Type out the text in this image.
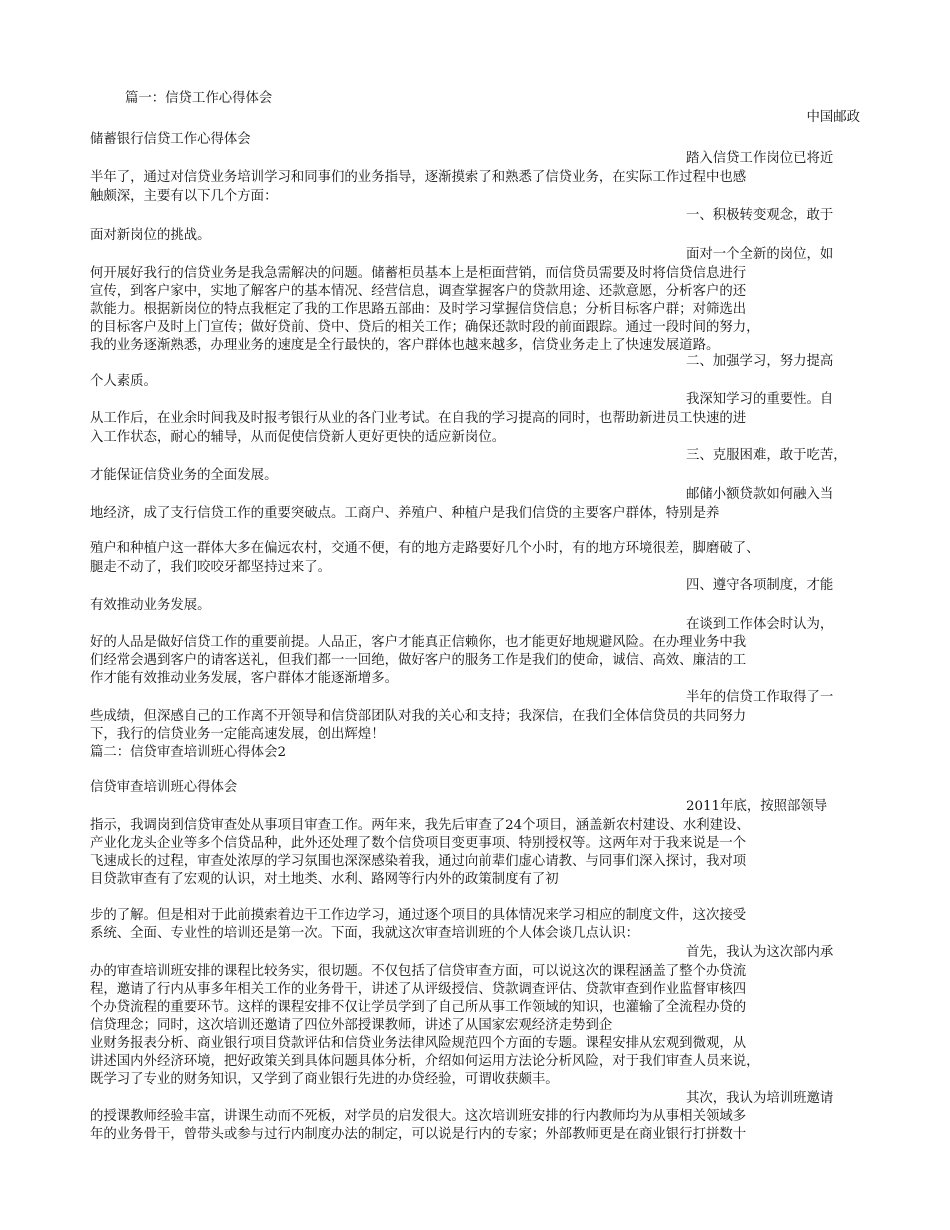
篇一：信贷工作心得体会
中国邮政
储蓄银行信贷工作心得体会
踏入信贷工作岗位已将近
半年了，通过对信贷业务培训学习和同事们的业务指导，逐渐摸索了和熟悉了信贷业务，在实际工作过程中也感
触颇深，主要有以下几个方面：
一、积极转变观念，敢于
面对新岗位的挑战。
面对一个全新的岗位，如
何开展好我行的信贷业务是我急需解决的问题。储蓄柜员基本上是柜面营销，而信贷员需要及时将信贷信息进行
宣传，到客户家中，实地了解客户的基本情况、经营信息，调查掌握客户的贷款用途、还款意愿，分析客户的还
款能力。根据新岗位的特点我框定了我的工作思路五部曲：及时学习掌握信贷信息；分析目标客户群；对筛选出
的目标客户及时上门宣传；做好贷前、贷中、贷后的相关工作；确保还款时段的前面跟踪。通过一段时间的努力，
我的业务逐渐熟悉，办理业务的速度是全行最快的，客户群体也越来越多，信贷业务走上了快速发展道路。
二、加强学习，努力提高
个人素质。
我深知学习的重要性。自
从工作后，在业余时间我及时报考银行从业的各门业考试。在自我的学习提高的同时，也帮助新进员工快速的进
入工作状态，耐心的辅导，从而促使信贷新人更好更快的适应新岗位。
三、克服困难，敢于吃苦，
才能保证信贷业务的全面发展。
邮储小额贷款如何融入当
地经济，成了支行信贷工作的重要突破点。工商户、养殖户、种植户是我们信贷的主要客户群体，特别是养
殖户和种植户这一群体大多在偏远农村，交通不便，有的地方走路要好几个小时，有的地方环境很差，脚磨破了、
腿走不动了，我们咬咬牙都坚持过来了。
四、遵守各项制度，才能
有效推动业务发展。
在谈到工作体会时认为，
好的人品是做好信贷工作的重要前提。人品正，客户才能真正信赖你，也才能更好地规避风险。在办理业务中我
们经常会遇到客户的请客送礼，但我们都一一回绝，做好客户的服务工作是我们的使命，诚信、高效、廉洁的工
作才能有效推动业务发展，客户群体才能逐渐增多。
半年的信贷工作取得了一
些成绩，但深感自己的工作离不开领导和信贷部团队对我的关心和支持；我深信，在我们全体信贷员的共同努力
下，我行的信贷业务一定能高速发展，创出辉煌！
篇二：信贷审查培训班心得体会2
信贷审查培训班心得体会
2011年底，按照部领导
指示，我调岗到信贷审查处从事项目审查工作。两年来，我先后审查了24个项目，涵盖新农村建设、水利建设、
产业化龙头企业等多个信贷品种，此外还处理了数个信贷项目变更事项、特别授权等。这两年对于我来说是一个
飞速成长的过程，审查处浓厚的学习氛围也深深感染着我，通过向前辈们虚心请教、与同事们深入探讨，我对项
目贷款审查有了宏观的认识，对土地类、水利、路网等行内外的政策制度有了初
步的了解。但是相对于此前摸索着边干工作边学习，通过逐个项目的具体情况来学习相应的制度文件，这次接受
系统、全面、专业性的培训还是第一次。下面，我就这次审查培训班的个人体会谈几点认识：
首先，我认为这次部内承
办的审查培训班安排的课程比较务实，很切题。不仅包括了信贷审查方面，可以说这次的课程涵盖了整个办贷流
程，邀请了行内从事多年相关工作的业务骨干，讲述了从评级授信、贷款调查评估、贷款审查到作业监督审核四
个办贷流程的重要环节。这样的课程安排不仅让学员学到了自己所从事工作领域的知识，也灌输了全流程办贷的
信贷理念；同时，这次培训还邀请了四位外部授课教师，讲述了从国家宏观经济走势到企
业财务报表分析、商业银行项目贷款评估和信贷业务法律风险规范四个方面的专题。课程安排从宏观到微观，从
讲述国内外经济环境，把好政策关到具体问题具体分析，介绍如何运用方法论分析风险，对于我们审查人员来说，
既学习了专业的财务知识，又学到了商业银行先进的办贷经验，可谓收获颇丰。
其次，我认为培训班邀请
的授课教师经验丰富，讲课生动而不死板，对学员的启发很大。这次培训班安排的行内教师均为从事相关领域多
年的业务骨干，曾带头或参与过行内制度办法的制定，可以说是行内的专家；外部教师更是在商业银行打拼数十
